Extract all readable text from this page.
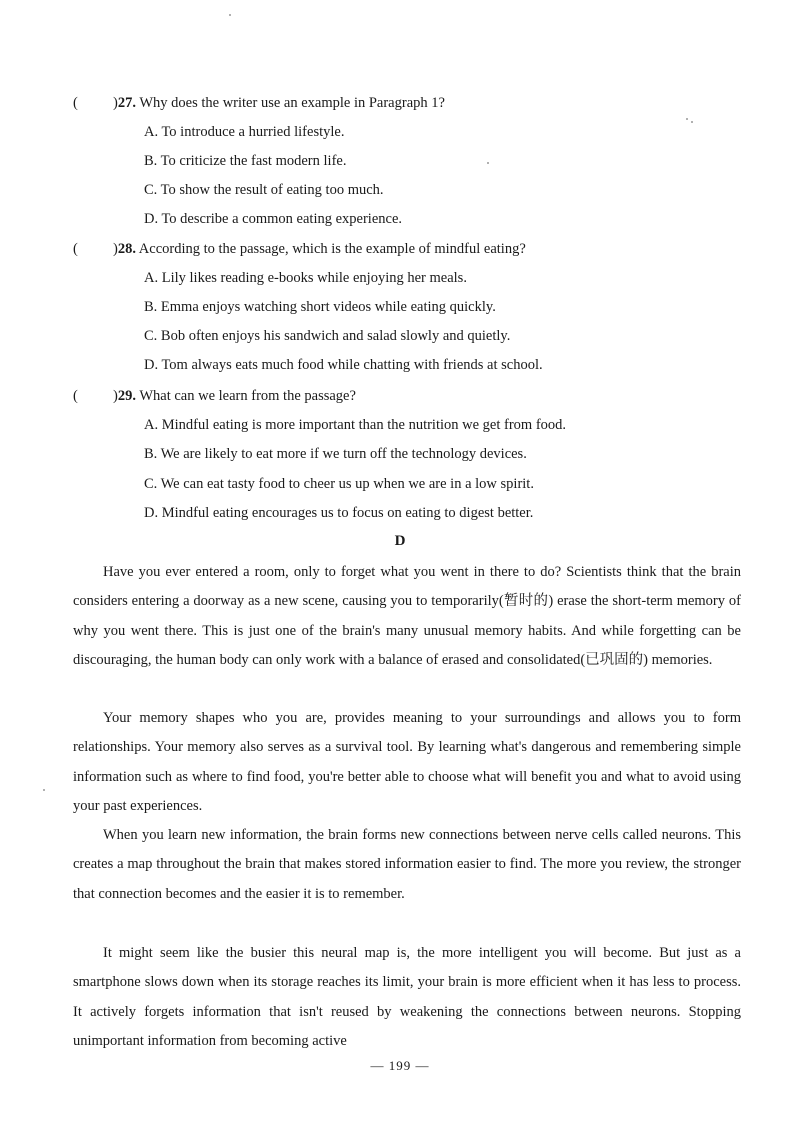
( )27. Why does the writer use an example in Paragraph 1?
A. To introduce a hurried lifestyle.
B. To criticize the fast modern life.
C. To show the result of eating too much.
D. To describe a common eating experience.
( )28. According to the passage, which is the example of mindful eating?
A. Lily likes reading e-books while enjoying her meals.
B. Emma enjoys watching short videos while eating quickly.
C. Bob often enjoys his sandwich and salad slowly and quietly.
D. Tom always eats much food while chatting with friends at school.
( )29. What can we learn from the passage?
A. Mindful eating is more important than the nutrition we get from food.
B. We are likely to eat more if we turn off the technology devices.
C. We can eat tasty food to cheer us up when we are in a low spirit.
D. Mindful eating encourages us to focus on eating to digest better.
D
Have you ever entered a room, only to forget what you went in there to do? Scientists think that the brain considers entering a doorway as a new scene, causing you to temporarily(暂时的) erase the short-term memory of why you went there. This is just one of the brain's many unusual memory habits. And while forgetting can be discouraging, the human body can only work with a balance of erased and consolidated(已巩固的) memories.
Your memory shapes who you are, provides meaning to your surroundings and allows you to form relationships. Your memory also serves as a survival tool. By learning what's dangerous and remembering simple information such as where to find food, you're better able to choose what will benefit you and what to avoid using your past experiences.
When you learn new information, the brain forms new connections between nerve cells called neurons. This creates a map throughout the brain that makes stored information easier to find. The more you review, the stronger that connection becomes and the easier it is to remember.
It might seem like the busier this neural map is, the more intelligent you will become. But just as a smartphone slows down when its storage reaches its limit, your brain is more efficient when it has less to process. It actively forgets information that isn't reused by weakening the connections between neurons. Stopping unimportant information from becoming active
— 199 —
